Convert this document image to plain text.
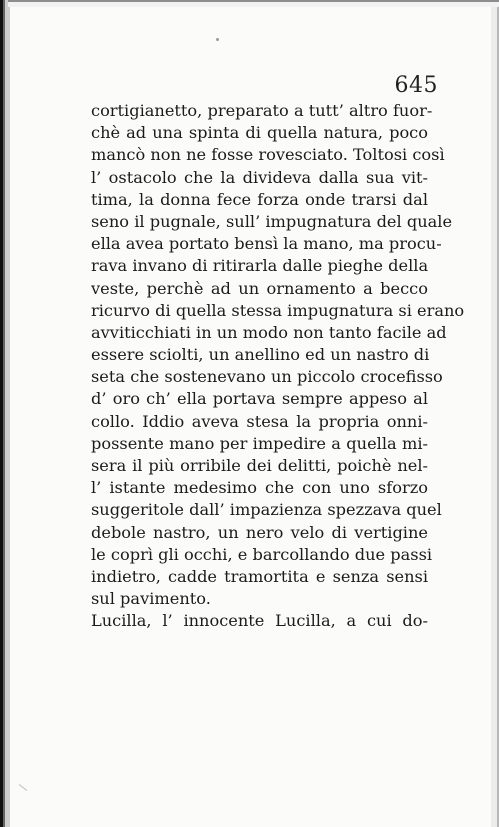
645

cortigianetto, preparato a tutt’ altro fuor-

chè ad una spinta di quella natura, poco

mancò non ne fosse rovesciato. Toltosi così

l’ ostacolo che la divideva dalla sua vit-

tima, la donna fece forza onde trarsi dal

seno il pugnale, sull’ impugnatura del quale

ella avea portato bensì la mano, ma procu-

rava invano di ritirarla dalle pieghe della

veste, perchè ad un ornamento a becco

ricurvo di quella stessa impugnatura si erano

avviticchiati in un modo non tanto facile ad

essere sciolti, un anellino ed un nastro di

seta che sostenevano un piccolo crocefisso

d’ oro ch’ ella portava sempre appeso al

collo. Iddio aveva stesa la propria onni-

possente mano per impedire a quella mi-

sera il più orribile dei delitti, poichè nel-

l’ istante medesimo che con uno sforzo

suggeritole dall’ impazienza spezzava quel

debole nastro, un nero velo di vertigine

le coprì gli occhi, e barcollando due passi

indietro, cadde tramortita e senza sensi

sul pavimento.

Lucilla, l’ innocente Lucilla, a cui do-
